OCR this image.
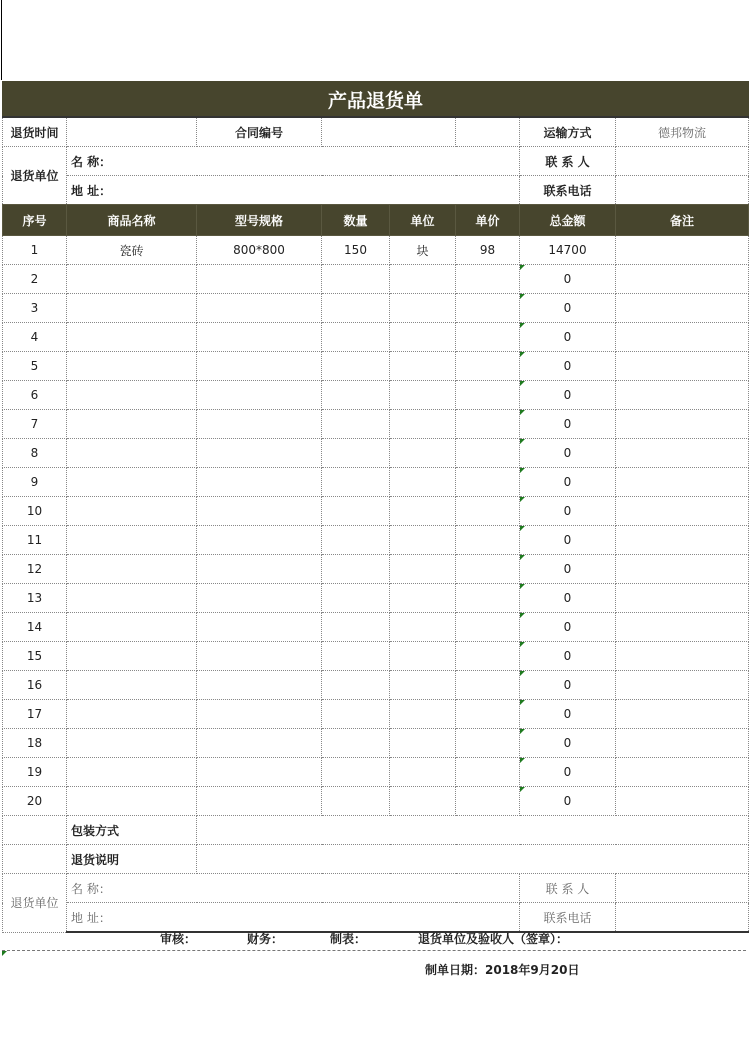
产品退货单							
退货时间		合同编号				运输方式	德邦物流
退货单位	名 称：					联 系 人	
	地 址：					联系电话	
序号	商品名称	型号规格	数量	单位	单价	总金额	备注
1	瓷砖	800*800	150	块	98	14700	
2						0	
3						0	
4						0	
5						0	
6						0	
7						0	
8						0	
9						0	
10						0	
11						0	
12						0	
13						0	
14						0	
15						0	
16						0	
17						0	
18						0	
19						0	
20						0	
	包装方式						
	退货说明						
退货单位	名 称：					联 系 人	
	地 址：					联系电话	
审核：	财务：	制表：	退货单位及验收人（签章）：
制单日期：2018年9月20日
